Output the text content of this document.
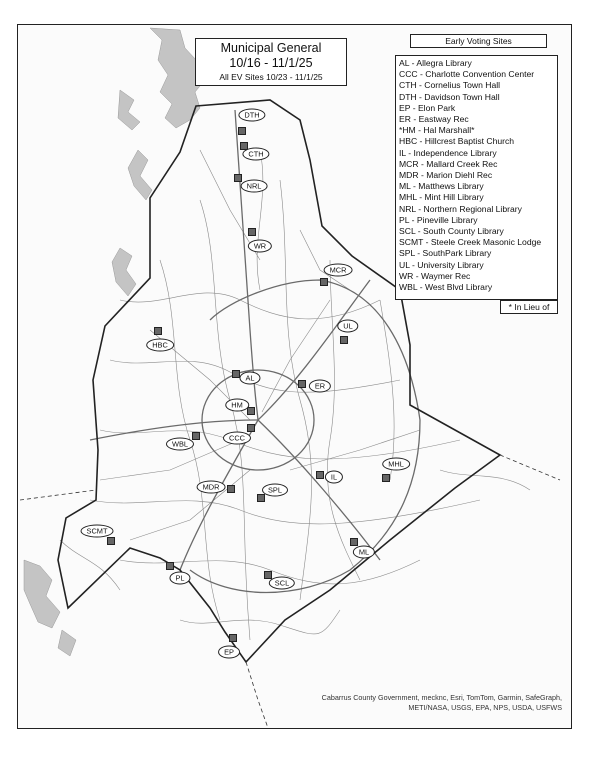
Municipal General
10/16 - 11/1/25
All EV Sites 10/23 - 11/1/25
Early Voting Sites
AL - Allegra Library
CCC - Charlotte Convention Center
CTH - Cornelius Town Hall
DTH - Davidson Town Hall
EP - Elon Park
ER - Eastway Rec
*HM - Hal Marshall*
HBC - Hillcrest Baptist Church
IL - Independence Library
MCR - Mallard Creek Rec
MDR - Marion Diehl Rec
ML - Matthews Library
MHL - Mint Hill Library
NRL - Northern Regional Library
PL - Pineville Library
SCL - South County Library
SCMT - Steele Creek Masonic Lodge
SPL - SouthPark Library
UL - University Library
WR - Waymer Rec
WBL - West Blvd Library
* In Lieu of
DTH
CTH
NRL
WR
MCR
UL
HBC
AL
ER
HM
WBL
CCC
MHL
IL
MDR	SPL
SCMT
ML
PL
SCL
EP
Cabarrus County Government, mecknc, Esri, TomTom, Garmin, SafeGraph,
METI/NASA, USGS, EPA, NPS, USDA, USFWS
